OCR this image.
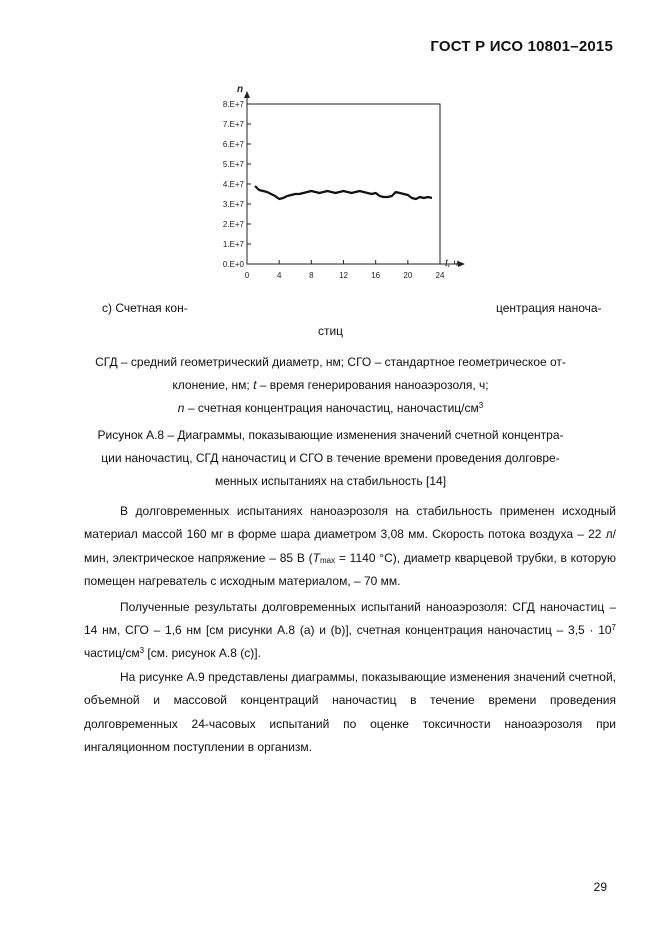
ГОСТ Р ИСО 10801–2015
0.E+0
1.E+7
2.E+7
3.E+7
4.E+7
5.E+7
6.E+7
7.E+7
8.E+7
0	4	8	12	16	20	24
n
t, ч
c) Счетная кон-	центрация наноча-
стиц
СГД – средний геометрический диаметр, нм; СГО – стандартное геометрическое от-
клонение, нм; t – время генерирования наноаэрозоля, ч;
n – счетная концентрация наночастиц, наночастиц/$см^3$
Рисунок А.8 – Диаграммы, показывающие изменения значений счетной концентра-
ции наночастиц, СГД наночастиц и СГО в течение времени проведения долговре-
менных испытаниях на стабильность [14]

В долговременных испытаниях наноаэрозоля на стабильность применен исходный материал массой 160 мг в форме шара диаметром 3,08 мм. Скорость потока воздуха – 22 л/мин, электрическое напряжение – 85 В ($T_{max} = 1140$ °С), диаметр кварцевой трубки, в которую помещен нагреватель с исходным материалом, – 70 мм.

Полученные результаты долговременных испытаний наноаэрозоля: СГД наночастиц – 14 нм, СГО – 1,6 нм [см рисунки А.8 (а) и (b)], счетная концентрация наночастиц – $3,5 \cdot 10^7$ частиц/$см^3$ [см. рисунок А.8 (с)].

На рисунке А.9 представлены диаграммы, показывающие изменения значений счетной, объемной и массовой концентраций наночастиц в течение времени проведения долговременных 24-часовых испытаний по оценке токсичности наноаэрозоля при ингаляционном поступлении в организм.

29
